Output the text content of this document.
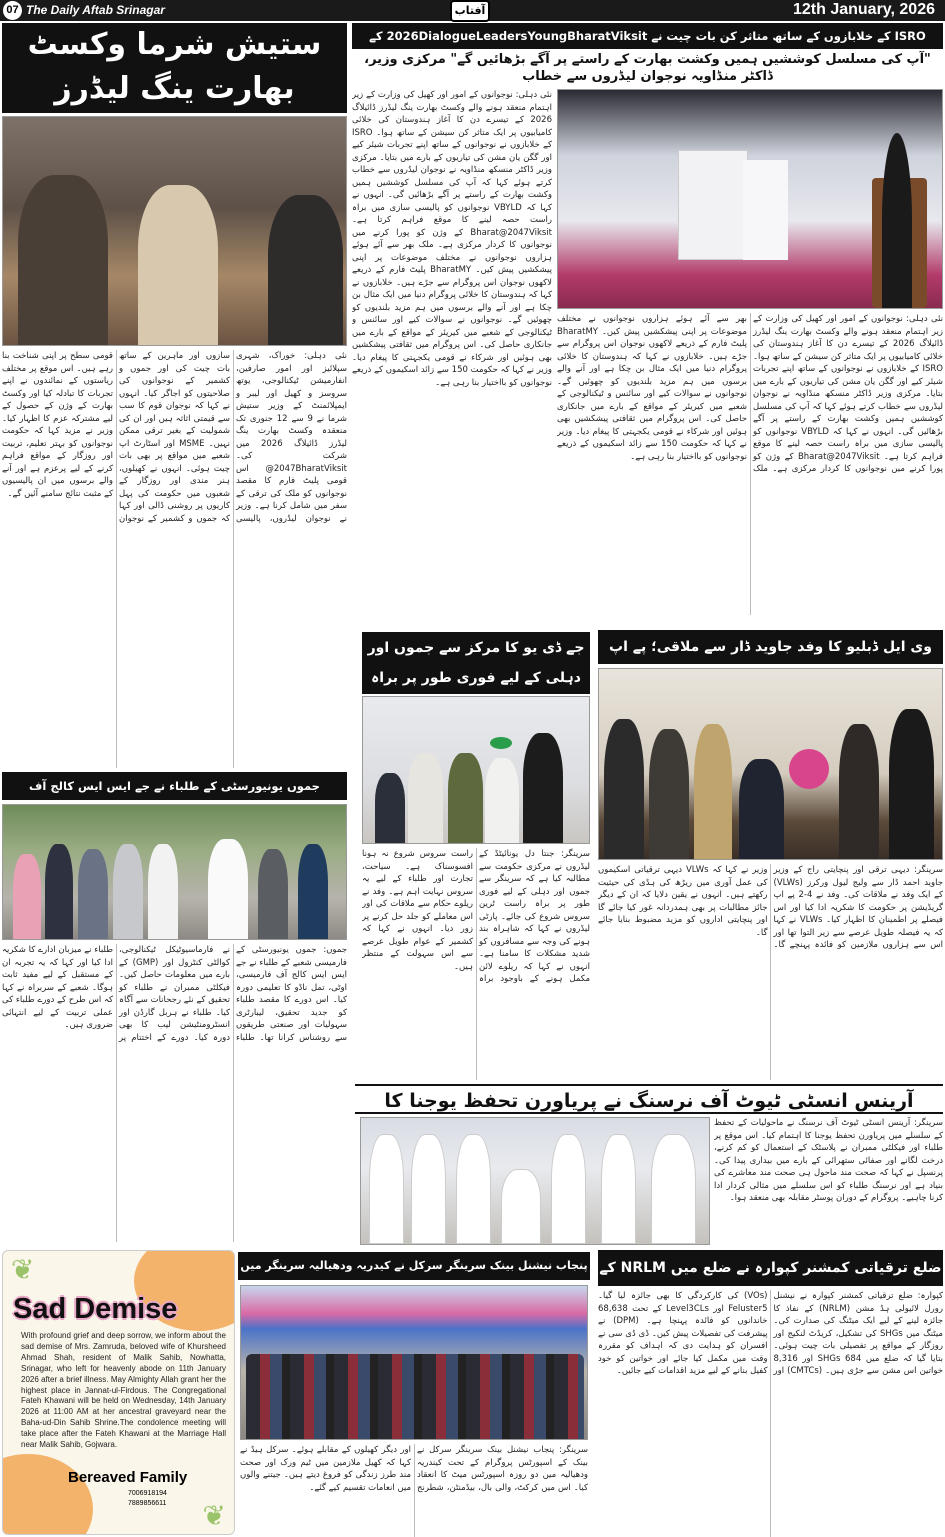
07 The Daily Aftab Srinagar	آفتاب	12th January, 2026
ستیش شرما وکسٹ بھارت ینگ لیڈرز
نئی دہلی: خوراک، شہری سپلائیز اور امور صارفین، انفارمیشن ٹیکنالوجی، یوتھ سروسز و کھیل اور لیبر و ایمپلائمنٹ کے وزیر ستیش شرما نے 9 سے 12 جنوری تک منعقدہ وکسٹ بھارت ینگ لیڈرز ڈائیلاگ 2026 میں شرکت کی۔ ‎@2047BharatViksit‎ اس قومی پلیٹ فارم کا مقصد نوجوانوں کو ملک کی ترقی کے سفر میں شامل کرنا ہے۔ وزیر نے نوجوان لیڈروں، پالیسی سازوں اور ماہرین کے ساتھ بات چیت کی اور جموں و کشمیر کے نوجوانوں کی صلاحیتوں کو اجاگر کیا۔ انہوں نے کہا کہ نوجوان قوم کا سب سے قیمتی اثاثہ ہیں اور ان کی شمولیت کے بغیر ترقی ممکن نہیں۔ MSME اور اسٹارٹ اپ شعبے میں مواقع پر بھی بات چیت ہوئی۔ انہوں نے کھیلوں، ہنر مندی اور روزگار کے شعبوں میں حکومت کی پہل کاریوں پر روشنی ڈالی اور کہا کہ جموں و کشمیر کے نوجوان قومی سطح پر اپنی شناخت بنا رہے ہیں۔ اس موقع پر مختلف ریاستوں کے نمائندوں نے اپنے تجربات کا تبادلہ کیا اور وکسٹ بھارت کے وژن کے حصول کے لیے مشترکہ عزم کا اظہار کیا۔ وزیر نے مزید کہا کہ حکومت نوجوانوں کو بہتر تعلیم، تربیت اور روزگار کے مواقع فراہم کرنے کے لیے پرعزم ہے اور آنے والے برسوں میں ان پالیسیوں کے مثبت نتائج سامنے آئیں گے۔
ISRO کے خلابازوں کے ساتھ متاثر کن بات چیت نے 2026DialogueLeadersYoungBharatViksit کے
"آپ کی مسلسل کوششیں ہمیں وکشت بھارت کے راستے پر آگے بڑھائیں گے" مرکزی وزیر، ڈاکٹر منڈاویہ نوجوان لیڈروں سے خطاب
نئی دہلی: نوجوانوں کے امور اور کھیل کی وزارت کے زیر اہتمام منعقد ہونے والے وکسٹ بھارت ینگ لیڈرز ڈائیلاگ 2026 کے تیسرے دن کا آغاز ہندوستان کی خلائی کامیابیوں پر ایک متاثر کن سیشن کے ساتھ ہوا۔ ISRO کے خلابازوں نے نوجوانوں کے ساتھ اپنے تجربات شیئر کیے اور گگن یان مشن کی تیاریوں کے بارے میں بتایا۔ مرکزی وزیر ڈاکٹر منسکھ منڈاویہ نے نوجوان لیڈروں سے خطاب کرتے ہوئے کہا کہ آپ کی مسلسل کوششیں ہمیں وکشت بھارت کے راستے پر آگے بڑھائیں گی۔ انہوں نے کہا کہ VBYLD نوجوانوں کو پالیسی سازی میں براہ راست حصہ لینے کا موقع فراہم کرتا ہے۔ ‎Bharat@2047Viksit‎ کے وژن کو پورا کرنے میں نوجوانوں کا کردار مرکزی ہے۔ ملک بھر سے آئے ہوئے ہزاروں نوجوانوں نے مختلف موضوعات پر اپنی پیشکشیں پیش کیں۔ BharatMY پلیٹ فارم کے ذریعے لاکھوں نوجوان اس پروگرام سے جڑے ہیں۔ خلابازوں نے کہا کہ ہندوستان کا خلائی پروگرام دنیا میں ایک مثال بن چکا ہے اور آنے والے برسوں میں ہم مزید بلندیوں کو چھوئیں گے۔ نوجوانوں نے سوالات کیے اور سائنس و ٹیکنالوجی کے شعبے میں کیریئر کے مواقع کے بارے میں جانکاری حاصل کی۔ اس پروگرام میں ثقافتی پیشکشیں بھی ہوئیں اور شرکاء نے قومی یکجہتی کا پیغام دیا۔ وزیر نے کہا کہ حکومت 150 سے زائد اسکیموں کے ذریعے نوجوانوں کو بااختیار بنا رہی ہے۔
نئی دہلی: نوجوانوں کے امور اور کھیل کی وزارت کے زیر اہتمام منعقد ہونے والے وکسٹ بھارت ینگ لیڈرز ڈائیلاگ 2026 کے تیسرے دن کا آغاز ہندوستان کی خلائی کامیابیوں پر ایک متاثر کن سیشن کے ساتھ ہوا۔ ISRO کے خلابازوں نے نوجوانوں کے ساتھ اپنے تجربات شیئر کیے اور گگن یان مشن کی تیاریوں کے بارے میں بتایا۔ مرکزی وزیر ڈاکٹر منسکھ منڈاویہ نے نوجوان لیڈروں سے خطاب کرتے ہوئے کہا کہ آپ کی مسلسل کوششیں ہمیں وکشت بھارت کے راستے پر آگے بڑھائیں گی۔ انہوں نے کہا کہ VBYLD نوجوانوں کو پالیسی سازی میں براہ راست حصہ لینے کا موقع فراہم کرتا ہے۔ ‎Bharat@2047Viksit‎ کے وژن کو پورا کرنے میں نوجوانوں کا کردار مرکزی ہے۔ ملک بھر سے آئے ہوئے ہزاروں نوجوانوں نے مختلف موضوعات پر اپنی پیشکشیں پیش کیں۔ BharatMY پلیٹ فارم کے ذریعے لاکھوں نوجوان اس پروگرام سے جڑے ہیں۔ خلابازوں نے کہا کہ ہندوستان کا خلائی پروگرام دنیا میں ایک مثال بن چکا ہے اور آنے والے برسوں میں ہم مزید بلندیوں کو چھوئیں گے۔ نوجوانوں نے سوالات کیے اور سائنس و ٹیکنالوجی کے شعبے میں کیریئر کے مواقع کے بارے میں جانکاری حاصل کی۔ اس پروگرام میں ثقافتی پیشکشیں بھی ہوئیں اور شرکاء نے قومی یکجہتی کا پیغام دیا۔ وزیر نے کہا کہ حکومت 150 سے زائد اسکیموں کے ذریعے نوجوانوں کو بااختیار بنا رہی ہے۔
جے ڈی یو کا مرکز سے جموں اور دہلی کے لیے فوری طور پر براہ
سرینگر: جنتا دل یونائیٹڈ کے لیڈروں نے مرکزی حکومت سے مطالبہ کیا ہے کہ سرینگر سے جموں اور دہلی کے لیے فوری طور پر براہ راست ٹرین سروس شروع کی جائے۔ پارٹی لیڈروں نے کہا کہ شاہراہ بند ہونے کی وجہ سے مسافروں کو شدید مشکلات کا سامنا ہے۔ انہوں نے کہا کہ ریلوے لائن مکمل ہونے کے باوجود براہ راست سروس شروع نہ ہونا افسوسناک ہے۔ سیاحت، تجارت اور طلباء کے لیے یہ سروس نہایت اہم ہے۔ وفد نے ریلوے حکام سے ملاقات کی اور اس معاملے کو جلد حل کرنے پر زور دیا۔ انہوں نے کہا کہ کشمیر کے عوام طویل عرصے سے اس سہولت کے منتظر ہیں۔
وی ایل ڈبلیو کا وفد جاوید ڈار سے ملاقی؛ پے اپ
سرینگر: دیہی ترقی اور پنچایتی راج کے وزیر جاوید احمد ڈار سے ولیج لیول ورکرز (VLWs) کے ایک وفد نے ملاقات کی۔ وفد نے 4-2 پے اپ گریڈیشن پر حکومت کا شکریہ ادا کیا اور اس فیصلے پر اطمینان کا اظہار کیا۔ VLWs نے کہا کہ یہ فیصلہ طویل عرصے سے زیر التوا تھا اور اس سے ہزاروں ملازمین کو فائدہ پہنچے گا۔ وزیر نے کہا کہ VLWs دیہی ترقیاتی اسکیموں کی عمل آوری میں ریڑھ کی ہڈی کی حیثیت رکھتے ہیں۔ انہوں نے یقین دلایا کہ ان کے دیگر جائز مطالبات پر بھی ہمدردانہ غور کیا جائے گا اور پنچایتی اداروں کو مزید مضبوط بنایا جائے گا۔
جموں یونیورسٹی کے طلباء نے جے ایس ایس کالج آف
جموں: جموں یونیورسٹی کے فارمیسی شعبے کے طلباء نے جے ایس ایس کالج آف فارمیسی، اوٹی، تمل ناڈو کا تعلیمی دورہ کیا۔ اس دورے کا مقصد طلباء کو جدید تحقیق، لیبارٹری سہولیات اور صنعتی طریقوں سے روشناس کرانا تھا۔ طلباء نے فارماسیوٹیکل ٹیکنالوجی، کوالٹی کنٹرول اور (GMP) کے بارے میں معلومات حاصل کیں۔ فیکلٹی ممبران نے طلباء کو تحقیق کے نئے رجحانات سے آگاہ کیا۔ طلباء نے ہربل گارڈن اور انسٹرومنٹیشن لیب کا بھی دورہ کیا۔ دورے کے اختتام پر طلباء نے میزبان ادارے کا شکریہ ادا کیا اور کہا کہ یہ تجربہ ان کے مستقبل کے لیے مفید ثابت ہوگا۔ شعبے کے سربراہ نے کہا کہ اس طرح کے دورے طلباء کی عملی تربیت کے لیے انتہائی ضروری ہیں۔
آرینس انسٹی ٹیوٹ آف نرسنگ نے پریاورن تحفظ یوجنا کا
سرینگر: آرینس انسٹی ٹیوٹ آف نرسنگ نے ماحولیات کے تحفظ کے سلسلے میں پریاورن تحفظ یوجنا کا اہتمام کیا۔ اس موقع پر طلباء اور فیکلٹی ممبران نے پلاسٹک کے استعمال کو کم کرنے، درخت لگانے اور صفائی ستھرائی کے بارے میں بیداری پیدا کی۔ پرنسپل نے کہا کہ صحت مند ماحول ہی صحت مند معاشرے کی بنیاد ہے اور نرسنگ طلباء کو اس سلسلے میں مثالی کردار ادا کرنا چاہیے۔ پروگرام کے دوران پوسٹر مقابلہ بھی منعقد ہوا۔
❦
❦
Sad Demise
With profound grief and deep sorrow, we inform about the sad demise of Mrs. Zamruda, beloved wife of Khursheed Ahmad Shah, resident of Malik Sahib, Nowhatta, Srinagar, who left for heavenly abode on 11th January 2026 after a brief illness. May Almighty Allah grant her the highest place in Jannat-ul-Firdous. The Congregational Fateh Khawani will be held on Wednesday, 14th January 2026 at 11:00 AM at her ancestral graveyard near the Baha-ud-Din Sahib Shrine.The condolence meeting will take place after the Fateh Khawani at the Marriage Hall near Malik Sahib, Gojwara.
Bereaved Family
7006918194
7889856611
پنجاب نیشنل بینک سرینگر سرکل نے کیدریہ ودھیالیہ سرینگر میں
سرینگر: پنجاب نیشنل بینک سرینگر سرکل نے بینک کے اسپورٹس پروگرام کے تحت کیندریہ ودھیالیہ میں دو روزہ اسپورٹس میٹ کا انعقاد کیا۔ اس میں کرکٹ، والی بال، بیڈمنٹن، شطرنج اور دیگر کھیلوں کے مقابلے ہوئے۔ سرکل ہیڈ نے کہا کہ کھیل ملازمین میں ٹیم ورک اور صحت مند طرز زندگی کو فروغ دیتے ہیں۔ جیتنے والوں میں انعامات تقسیم کیے گئے۔
ضلع ترقیاتی کمشنر کپوارہ نے ضلع میں NRLM کے
کپوارہ: ضلع ترقیاتی کمشنر کپوارہ نے نیشنل رورل لائیولی ہڈ مشن (NRLM) کے نفاذ کا جائزہ لینے کے لیے ایک میٹنگ کی صدارت کی۔ میٹنگ میں SHGs کی تشکیل، کریڈٹ لنکیج اور روزگار کے مواقع پر تفصیلی بات چیت ہوئی۔ بتایا گیا کہ ضلع میں 684 SHGs اور 8,316 خواتین اس مشن سے جڑی ہیں۔ (CMTCs) اور (VOs) کی کارکردگی کا بھی جائزہ لیا گیا۔ Feluster5 اور Level3CLs کے تحت 68,638 خاندانوں کو فائدہ پہنچا ہے۔ (DPM) نے پیشرفت کی تفصیلات پیش کیں۔ ڈی ڈی سی نے افسران کو ہدایت دی کہ اہداف کو مقررہ وقت میں مکمل کیا جائے اور خواتین کو خود کفیل بنانے کے لیے مزید اقدامات کیے جائیں۔
